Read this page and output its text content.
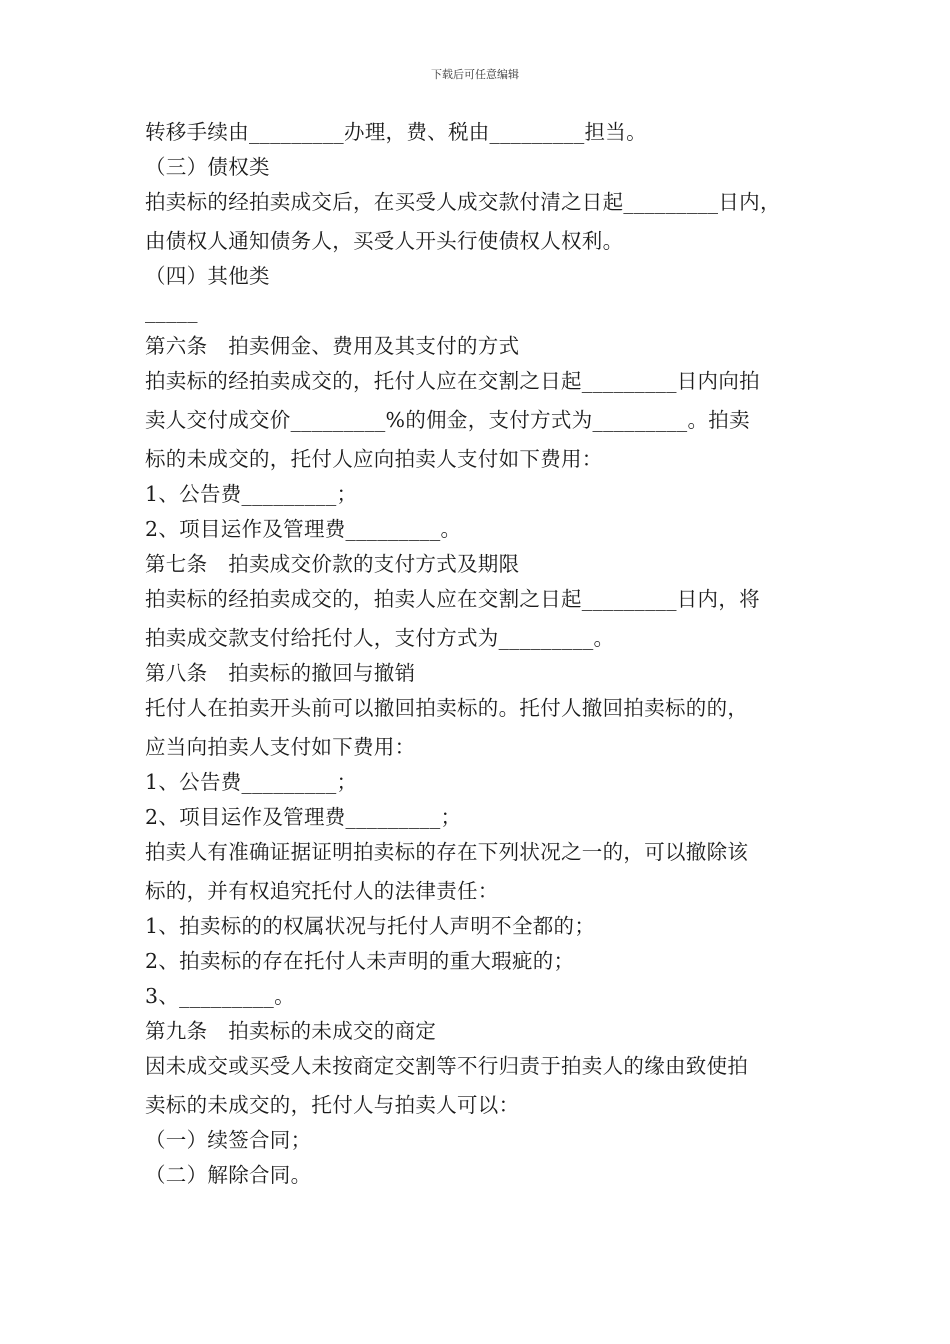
下载后可任意编辑
转移手续由_________办理，费、税由_________担当。
（三）债权类
拍卖标的经拍卖成交后，在买受人成交款付清之日起_________日内，
由债权人通知债务人，买受人开头行使债权人权利。
（四）其他类
_____
第六条　拍卖佣金、费用及其支付的方式
拍卖标的经拍卖成交的，托付人应在交割之日起_________日内向拍
卖人交付成交价_________%的佣金，支付方式为_________。拍卖
标的未成交的，托付人应向拍卖人支付如下费用：
1、公告费_________；
2、项目运作及管理费_________。
第七条　拍卖成交价款的支付方式及期限
拍卖标的经拍卖成交的，拍卖人应在交割之日起_________日内，将
拍卖成交款支付给托付人，支付方式为_________。
第八条　拍卖标的撤回与撤销
托付人在拍卖开头前可以撤回拍卖标的。托付人撤回拍卖标的的，
应当向拍卖人支付如下费用：
1、公告费_________；
2、项目运作及管理费_________；
拍卖人有准确证据证明拍卖标的存在下列状况之一的，可以撤除该
标的，并有权追究托付人的法律责任：
1、拍卖标的的权属状况与托付人声明不全都的；
2、拍卖标的存在托付人未声明的重大瑕疵的；
3、_________。
第九条　拍卖标的未成交的商定
因未成交或买受人未按商定交割等不行归责于拍卖人的缘由致使拍
卖标的未成交的，托付人与拍卖人可以：
（一）续签合同；
（二）解除合同。
